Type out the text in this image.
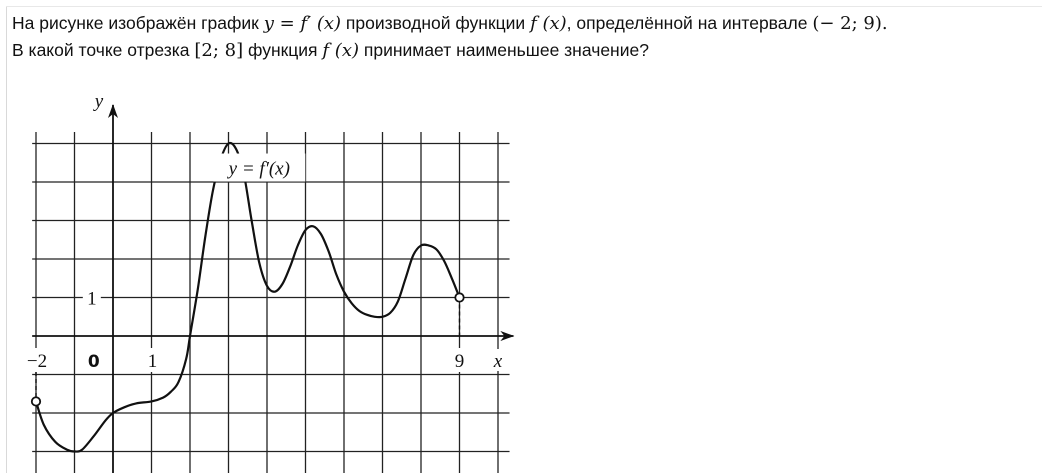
На рисунке изображён график y = f′ (x) производной функции f (x), определённой на интервале (− 2; 9).

В какой точке отрезка [2; 8] функция f (x) принимает наименьшее значение?

−2 0	1	9 x
1
y
y = f′(x)
